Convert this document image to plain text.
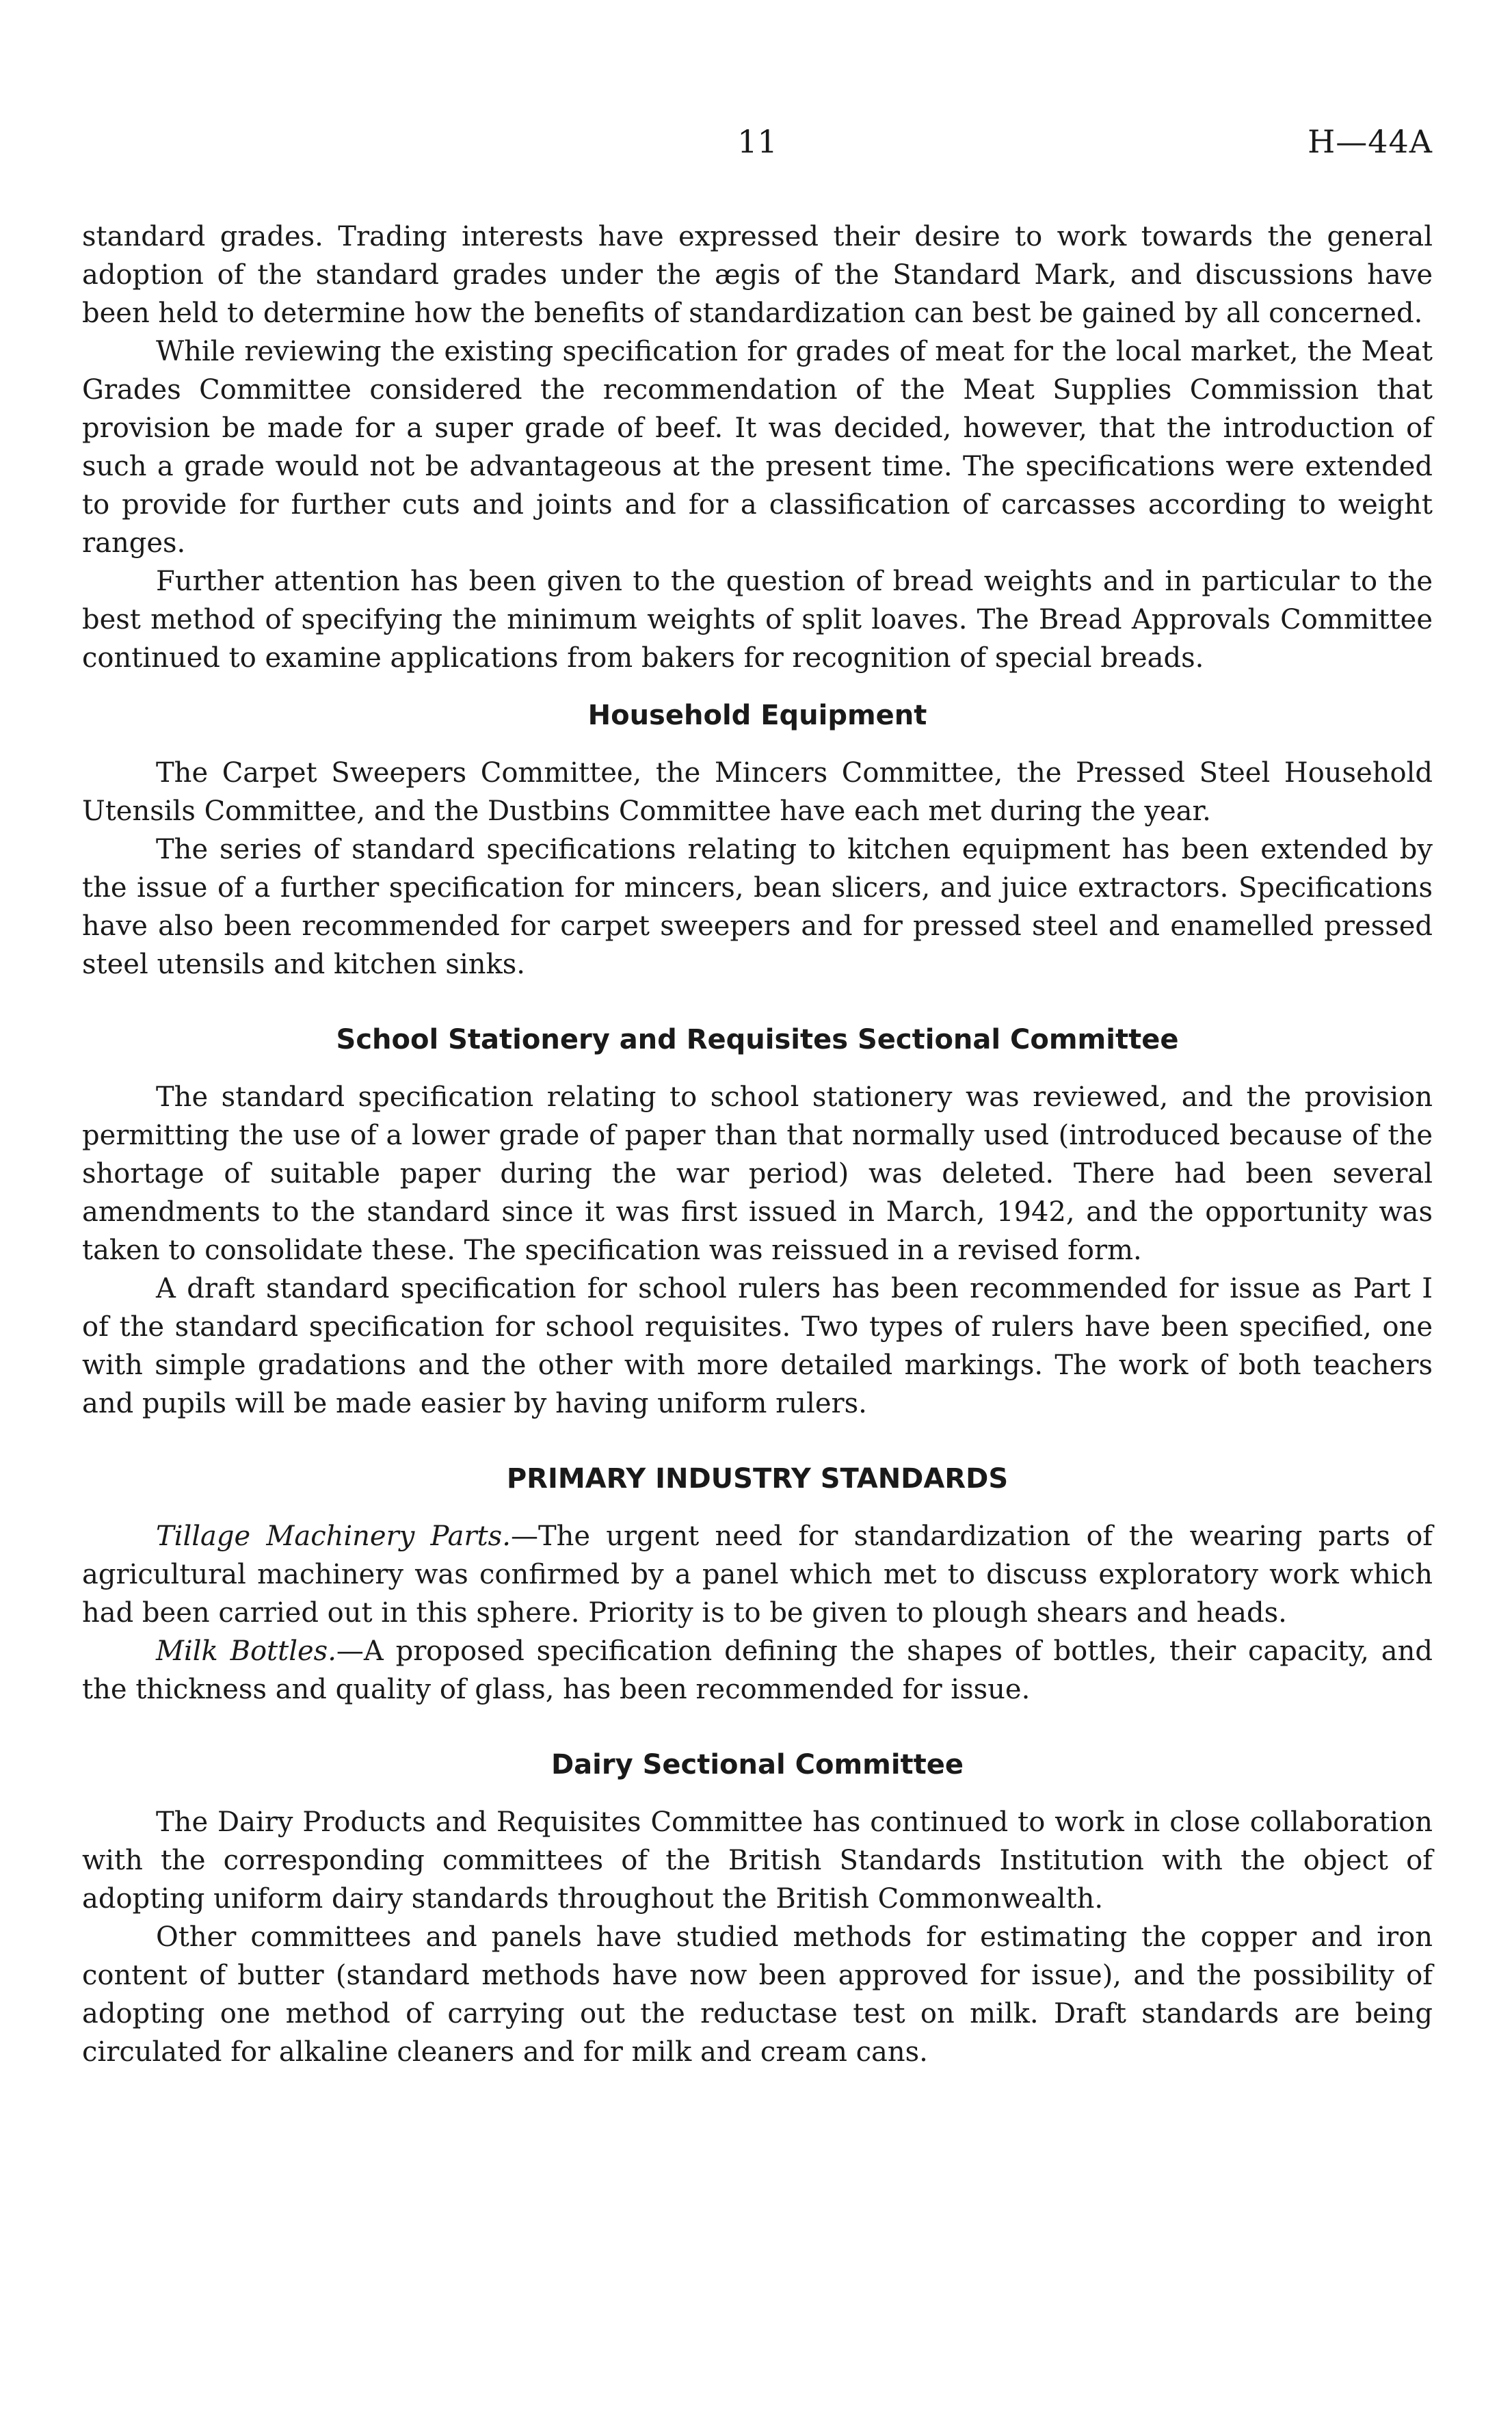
11	H—44A

standard grades. Trading interests have expressed their desire to work towards the general adoption of the standard grades under the ægis of the Standard Mark, and discussions have been held to determine how the benefits of standardization can best be gained by all concerned.

While reviewing the existing specification for grades of meat for the local market, the Meat Grades Committee considered the recommendation of the Meat Supplies Commission that provision be made for a super grade of beef. It was decided, however, that the introduction of such a grade would not be advantageous at the present time. The specifications were extended to provide for further cuts and joints and for a classification of carcasses according to weight ranges.

Further attention has been given to the question of bread weights and in particular to the best method of specifying the minimum weights of split loaves. The Bread Approvals Committee continued to examine applications from bakers for recognition of special breads.

Household Equipment

The Carpet Sweepers Committee, the Mincers Committee, the Pressed Steel Household Utensils Committee, and the Dustbins Committee have each met during the year.

The series of standard specifications relating to kitchen equipment has been extended by the issue of a further specification for mincers, bean slicers, and juice extractors. Specifications have also been recommended for carpet sweepers and for pressed steel and enamelled pressed steel utensils and kitchen sinks.

School Stationery and Requisites Sectional Committee

The standard specification relating to school stationery was reviewed, and the provision permitting the use of a lower grade of paper than that normally used (introduced because of the shortage of suitable paper during the war period) was deleted. There had been several amendments to the standard since it was first issued in March, 1942, and the opportunity was taken to consolidate these. The specification was reissued in a revised form.

A draft standard specification for school rulers has been recommended for issue as Part I of the standard specification for school requisites. Two types of rulers have been specified, one with simple gradations and the other with more detailed markings. The work of both teachers and pupils will be made easier by having uniform rulers.

PRIMARY INDUSTRY STANDARDS

Tillage Machinery Parts.—The urgent need for standardization of the wearing parts of agricultural machinery was confirmed by a panel which met to discuss exploratory work which had been carried out in this sphere. Priority is to be given to plough shears and heads.

Milk Bottles.—A proposed specification defining the shapes of bottles, their capacity, and the thickness and quality of glass, has been recommended for issue.

Dairy Sectional Committee

The Dairy Products and Requisites Committee has continued to work in close collaboration with the corresponding committees of the British Standards Institution with the object of adopting uniform dairy standards throughout the British Commonwealth.

Other committees and panels have studied methods for estimating the copper and iron content of butter (standard methods have now been approved for issue), and the possibility of adopting one method of carrying out the reductase test on milk. Draft standards are being circulated for alkaline cleaners and for milk and cream cans.
